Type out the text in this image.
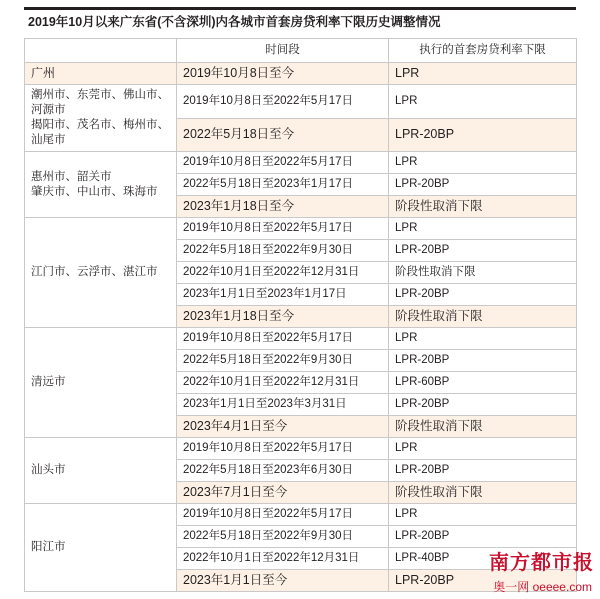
2019年10月以来广东省(不含深圳)内各城市首套房贷利率下限历史调整情况
	时间段	执行的首套房贷利率下限
广州	2019年10月8日至今	LPR
潮州市、东莞市、佛山市、河源市
揭阳市、茂名市、梅州市、汕尾市	2019年10月8日至2022年5月17日	LPR
	2022年5月18日至今	LPR-20BP
惠州市、韶关市
肇庆市、中山市、珠海市	2019年10月8日至2022年5月17日	LPR
	2022年5月18日至2023年1月17日	LPR-20BP
	2023年1月18日至今	阶段性取消下限
江门市、云浮市、湛江市	2019年10月8日至2022年5月17日	LPR
	2022年5月18日至2022年9月30日	LPR-20BP
	2022年10月1日至2022年12月31日	阶段性取消下限
	2023年1月1日至2023年1月17日	LPR-20BP
	2023年1月18日至今	阶段性取消下限
清远市	2019年10月8日至2022年5月17日	LPR
	2022年5月18日至2022年9月30日	LPR-20BP
	2022年10月1日至2022年12月31日	LPR-60BP
	2023年1月1日至2023年3月31日	LPR-20BP
	2023年4月1日至今	阶段性取消下限
汕头市	2019年10月8日至2022年5月17日	LPR
	2022年5月18日至2023年6月30日	LPR-20BP
	2023年7月1日至今	阶段性取消下限
阳江市	2019年10月8日至2022年5月17日	LPR
	2022年5月18日至2022年9月30日	LPR-20BP
	2022年10月1日至2022年12月31日	LPR-40BP
	2023年1月1日至今	LPR-20BP
南方都市报
奥一网 oeeee.com
